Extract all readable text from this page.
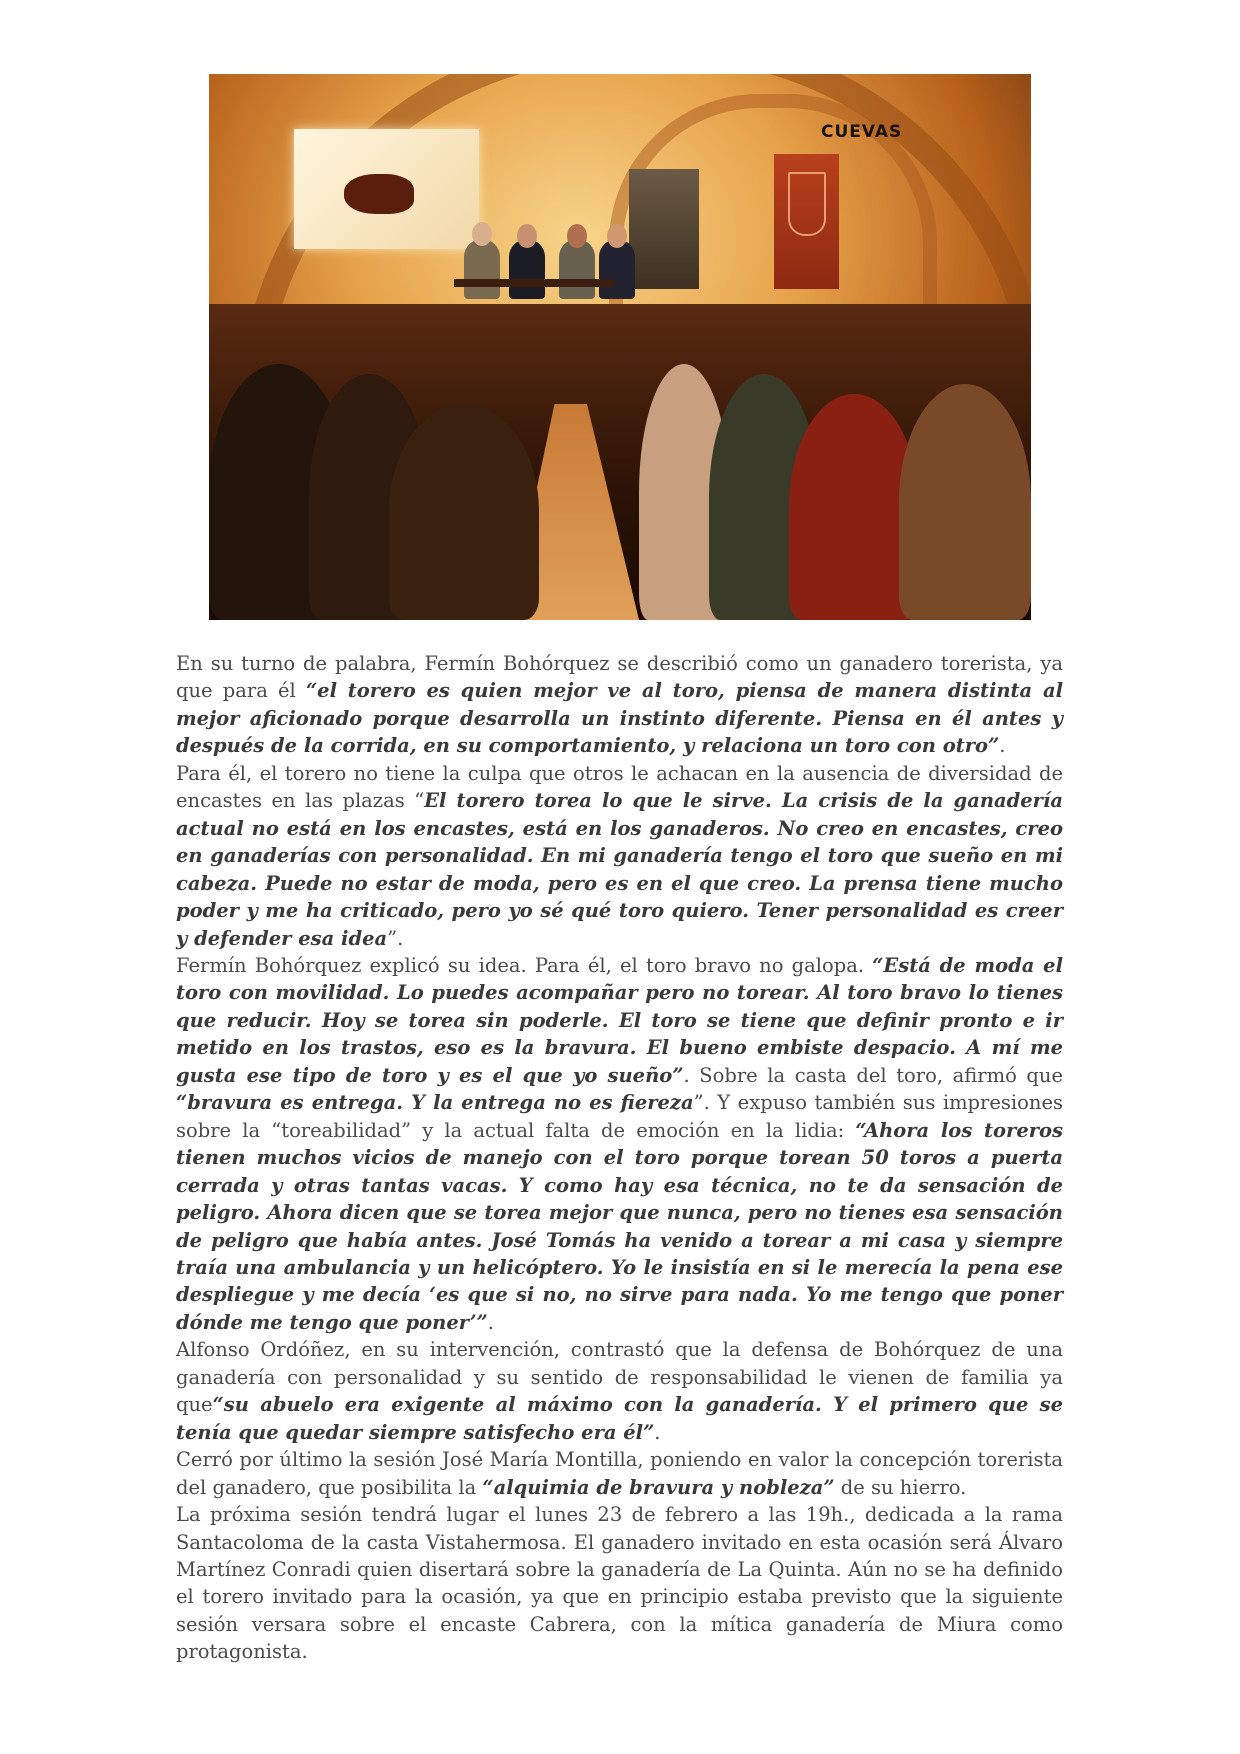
CUEVAS

En su turno de palabra, Fermín Bohórquez se describió como un ganadero torerista, ya que para él “el torero es quien mejor ve al toro, piensa de manera distinta al mejor aficionado porque desarrolla un instinto diferente. Piensa en él antes y después de la corrida, en su comportamiento, y relaciona un toro con otro”.

Para él, el torero no tiene la culpa que otros le achacan en la ausencia de diversidad de encastes en las plazas “El torero torea lo que le sirve. La crisis de la ganadería actual no está en los encastes, está en los ganaderos. No creo en encastes, creo en ganaderías con personalidad. En mi ganadería tengo el toro que sueño en mi cabeza. Puede no estar de moda, pero es en el que creo. La prensa tiene mucho poder y me ha criticado, pero yo sé qué toro quiero. Tener personalidad es creer y defender esa idea”.

Fermín Bohórquez explicó su idea. Para él, el toro bravo no galopa. “Está de moda el toro con movilidad. Lo puedes acompañar pero no torear. Al toro bravo lo tienes que reducir. Hoy se torea sin poderle. El toro se tiene que definir pronto e ir metido en los trastos, eso es la bravura. El bueno embiste despacio. A mí me gusta ese tipo de toro y es el que yo sueño”. Sobre la casta del toro, afirmó que “bravura es entrega. Y la entrega no es fiereza”. Y expuso también sus impresiones sobre la “toreabilidad” y la actual falta de emoción en la lidia: “Ahora los toreros tienen muchos vicios de manejo con el toro porque torean 50 toros a puerta cerrada y otras tantas vacas. Y como hay esa técnica, no te da sensación de peligro. Ahora dicen que se torea mejor que nunca, pero no tienes esa sensación de peligro que había antes. José Tomás ha venido a torear a mi casa y siempre traía una ambulancia y un helicóptero. Yo le insistía en si le merecía la pena ese despliegue y me decía ‘es que si no, no sirve para nada. Yo me tengo que poner dónde me tengo que poner’”.

Alfonso Ordóñez, en su intervención, contrastó que la defensa de Bohórquez de una ganadería con personalidad y su sentido de responsabilidad le vienen de familia ya que“su abuelo era exigente al máximo con la ganadería. Y el primero que se tenía que quedar siempre satisfecho era él”.

Cerró por último la sesión José María Montilla, poniendo en valor la concepción torerista del ganadero, que posibilita la “alquimia de bravura y nobleza” de su hierro.

La próxima sesión tendrá lugar el lunes 23 de febrero a las 19h., dedicada a la rama Santacoloma de la casta Vistahermosa. El ganadero invitado en esta ocasión será Álvaro Martínez Conradi quien disertará sobre la ganadería de La Quinta. Aún no se ha definido el torero invitado para la ocasión, ya que en principio estaba previsto que la siguiente sesión versara sobre el encaste Cabrera, con la mítica ganadería de Miura como protagonista.
